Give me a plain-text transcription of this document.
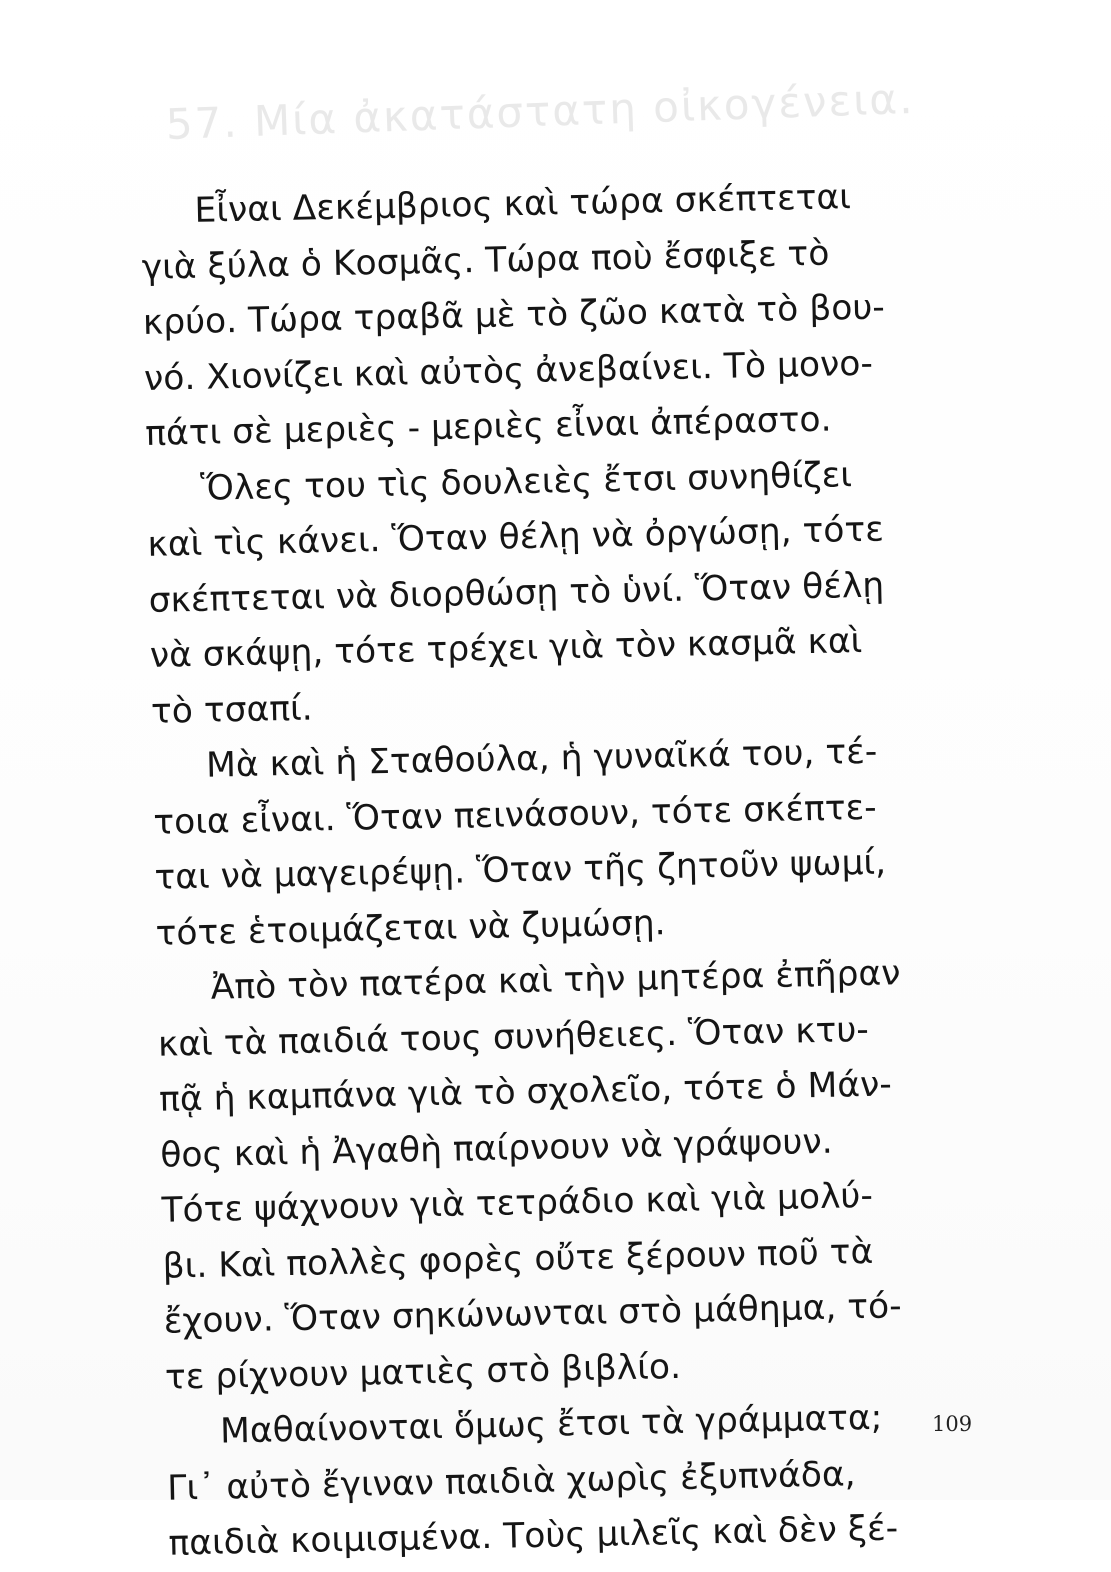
57. Μία ἀκατάστατη οἰκογένεια.
Εἶναι Δεκέμβριος καὶ τώρα σκέπτεται
γιὰ ξύλα ὁ Κοσμᾶς. Τώρα ποὺ ἔσφιξε τὸ
κρύο. Τώρα τραβᾶ μὲ τὸ ζῶο κατὰ τὸ βου-
νό. Χιονίζει καὶ αὐτὸς ἀνεβαίνει. Τὸ μονο-
πάτι σὲ μεριὲς - μεριὲς εἶναι ἀπέραστο.
Ὅλες του τὶς δουλειὲς ἔτσι συνηθίζει
καὶ τὶς κάνει. Ὅταν θέλῃ νὰ ὀργώσῃ, τότε
σκέπτεται νὰ διορθώσῃ τὸ ὑνί. Ὅταν θέλῃ
νὰ σκάψῃ, τότε τρέχει γιὰ τὸν κασμᾶ καὶ
τὸ τσαπί.
Μὰ καὶ ἡ Σταθούλα, ἡ γυναῖκά του, τέ-
τοια εἶναι. Ὅταν πεινάσουν, τότε σκέπτε-
ται νὰ μαγειρέψῃ. Ὅταν τῆς ζητοῦν ψωμί,
τότε ἑτοιμάζεται νὰ ζυμώσῃ.
Ἀπὸ τὸν πατέρα καὶ τὴν μητέρα ἐπῆραν
καὶ τὰ παιδιά τους συνήθειες. Ὅταν κτυ-
πᾷ ἡ καμπάνα γιὰ τὸ σχολεῖο, τότε ὁ Μάν-
θος καὶ ἡ Ἀγαθὴ παίρνουν νὰ γράψουν.
Τότε ψάχνουν γιὰ τετράδιο καὶ γιὰ μολύ-
βι. Καὶ πολλὲς φορὲς οὔτε ξέρουν ποῦ τὰ
ἔχουν. Ὅταν σηκώνωνται στὸ μάθημα, τό-
τε ρίχνουν ματιὲς στὸ βιβλίο.
Μαθαίνονται ὅμως ἔτσι τὰ γράμματα;
Γι᾿ αὐτὸ ἔγιναν παιδιὰ χωρὶς ἐξυπνάδα,
παιδιὰ κοιμισμένα. Τοὺς μιλεῖς καὶ δὲν ξέ-
109
